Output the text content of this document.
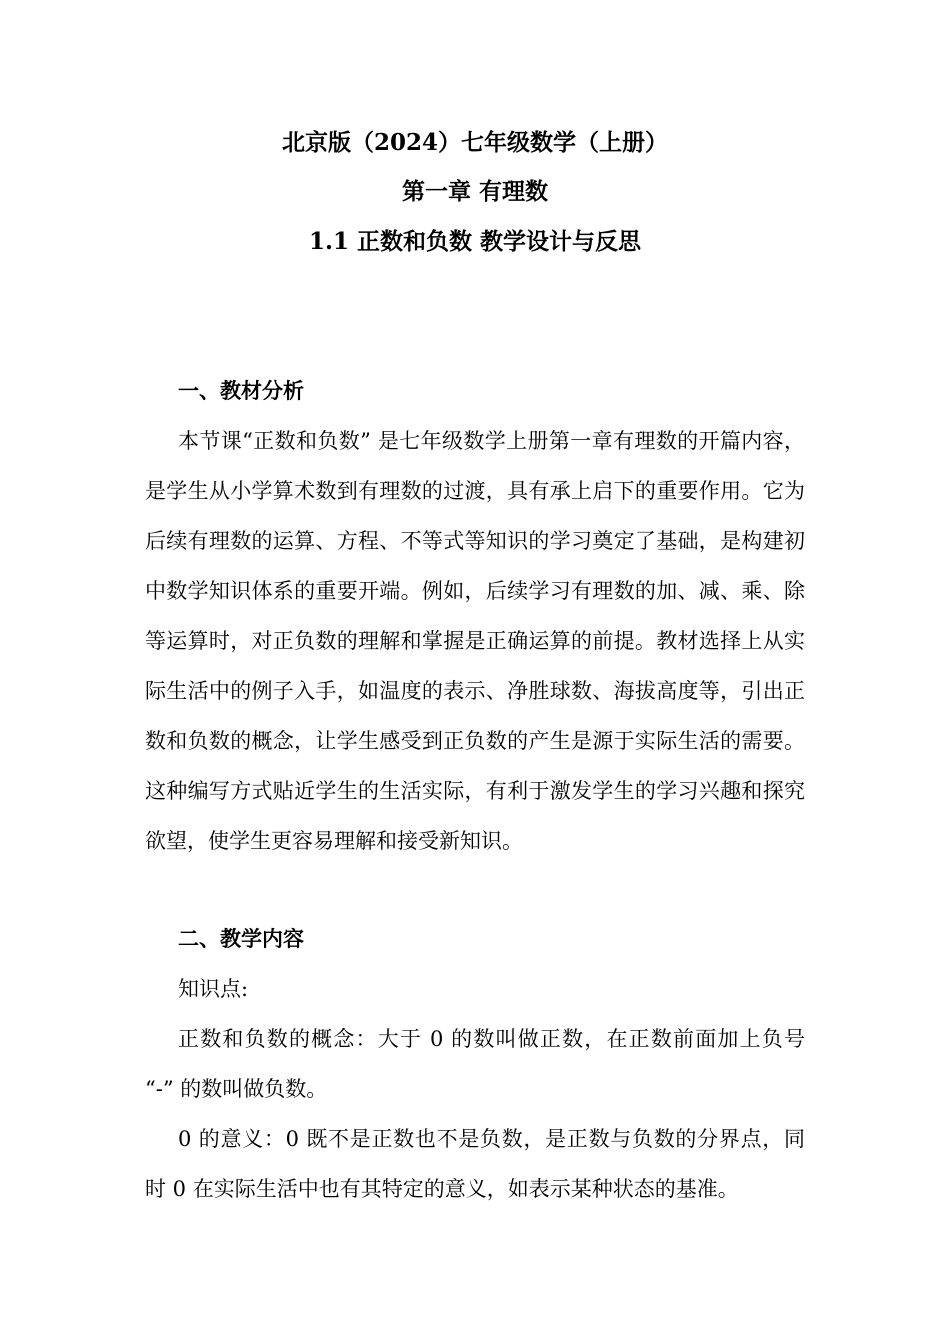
北京版（2024）七年级数学（上册）
第一章 有理数
1.1 正数和负数 教学设计与反思
一、教材分析

本节课“正数和负数” 是七年级数学上册第一章有理数的开篇内容，是学生从小学算术数到有理数的过渡，具有承上启下的重要作用。它为后续有理数的运算、方程、不等式等知识的学习奠定了基础，是构建初中数学知识体系的重要开端。例如，后续学习有理数的加、减、乘、除等运算时，对正负数的理解和掌握是正确运算的前提。教材选择上从实际生活中的例子入手，如温度的表示、净胜球数、海拔高度等，引出正数和负数的概念，让学生感受到正负数的产生是源于实际生活的需要。这种编写方式贴近学生的生活实际，有利于激发学生的学习兴趣和探究欲望，使学生更容易理解和接受新知识。

二、教学内容
知识点:

正数和负数的概念：大于 0 的数叫做正数，在正数前面加上负号 “-” 的数叫做负数。

0 的意义：0 既不是正数也不是负数，是正数与负数的分界点，同时 0 在实际生活中也有其特定的意义，如表示某种状态的基准。
